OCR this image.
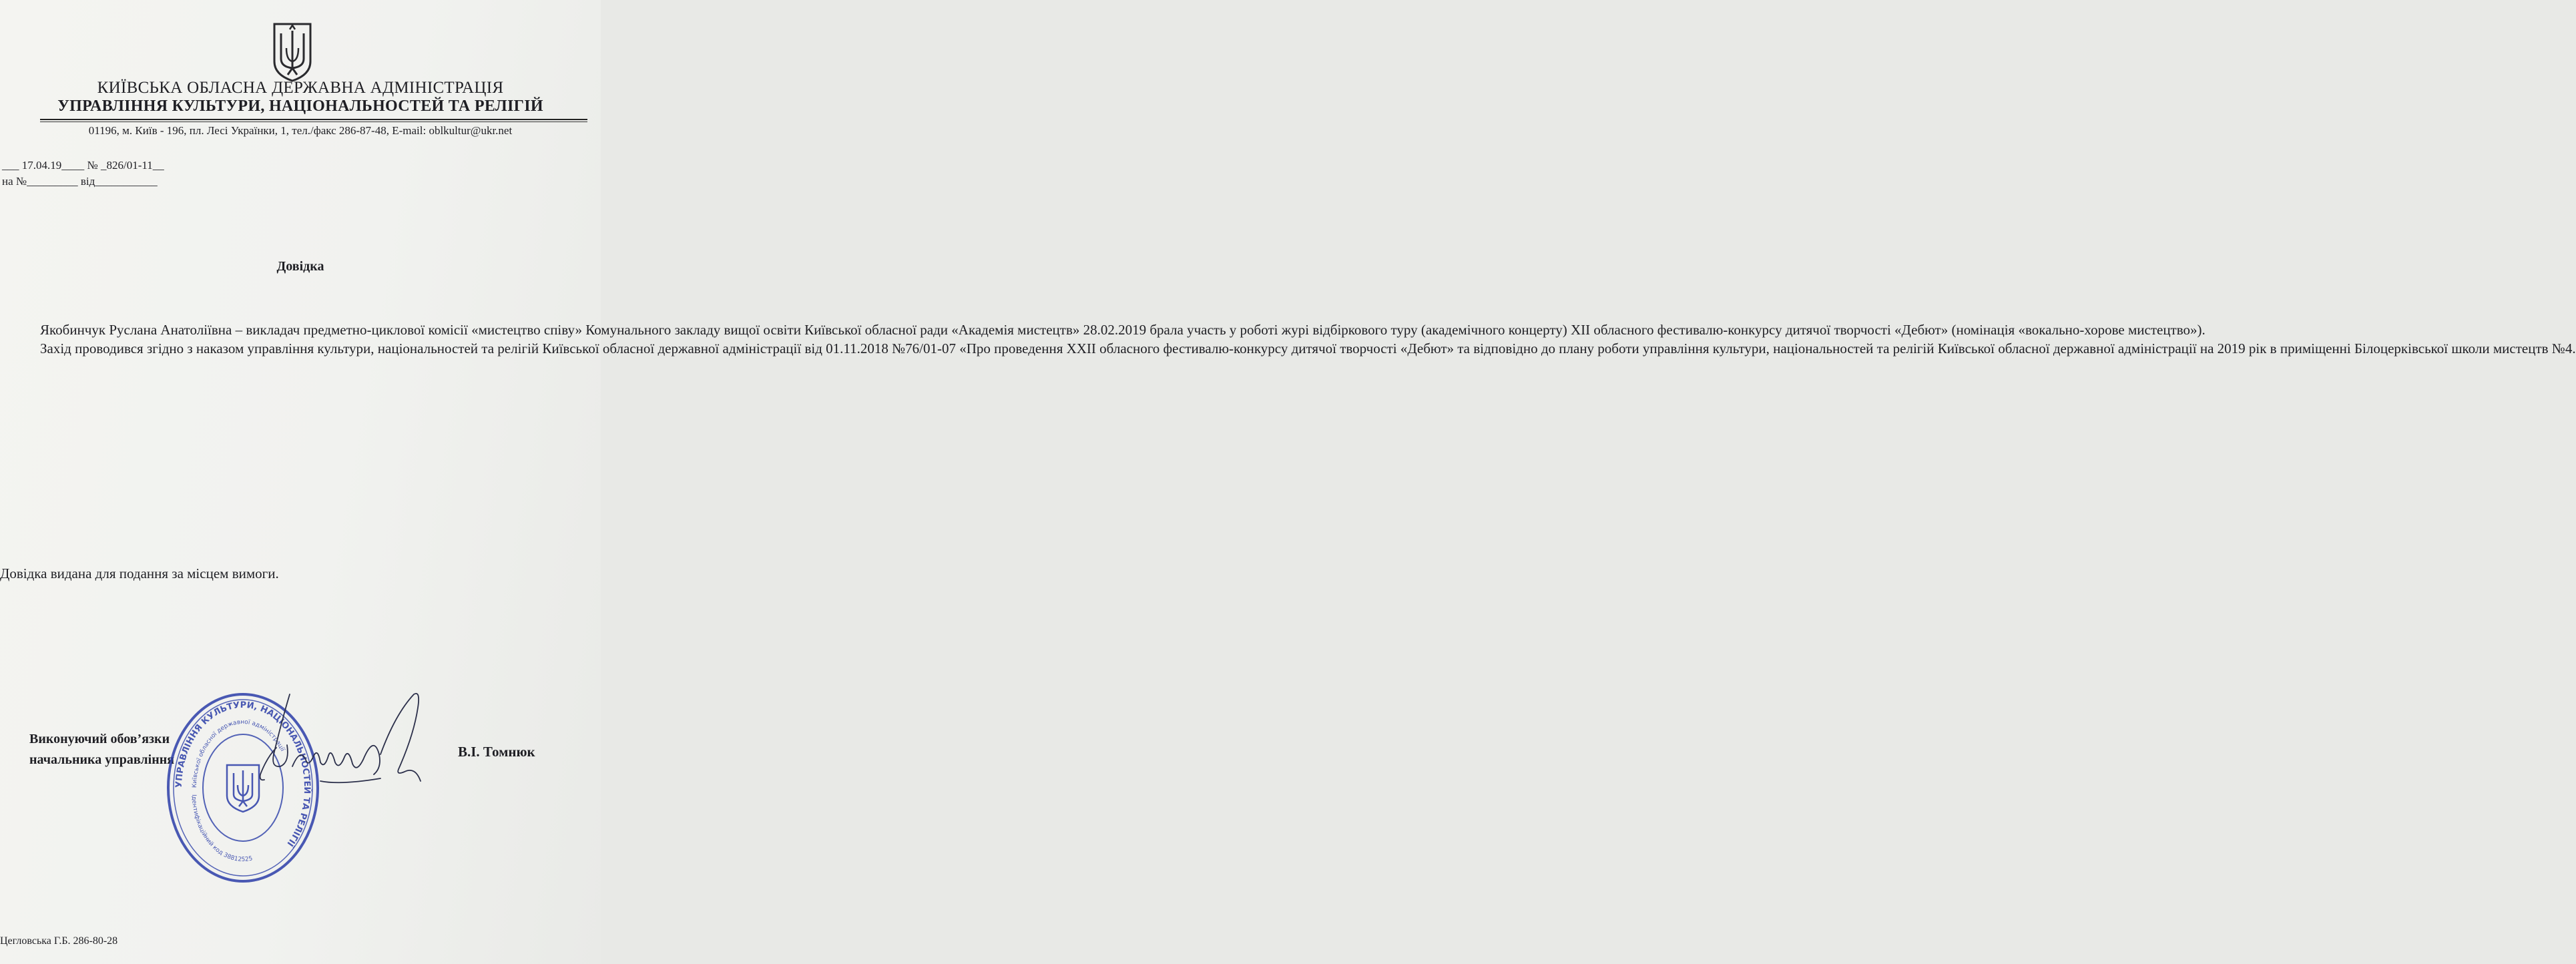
КИЇВСЬКА ОБЛАСНА ДЕРЖАВНА АДМІНІСТРАЦІЯ
УПРАВЛІННЯ КУЛЬТУРИ, НАЦІОНАЛЬНОСТЕЙ ТА РЕЛІГІЙ
01196, м. Київ - 196, пл. Лесі Українки, 1, тел./факс 286-87-48, E-mail: oblkultur@ukr.net
___ 17.04.19____ № _826/01-11__
на №_________ від___________
Довідка

Якобинчук Руслана Анатоліївна – викладач предметно-циклової комісії «мистецтво співу» Комунального закладу вищої освіти Київської обласної ради «Академія мистецтв» 28.02.2019 брала участь у роботі журі відбіркового туру (академічного концерту) ХІІ обласного фестивалю-конкурсу дитячої творчості «Дебют» (номінація «вокально-хорове мистецтво»).

Захід проводився згідно з наказом управління культури, національностей та релігій Київської обласної державної адміністрації від 01.11.2018 №76/01-07 «Про проведення ХХІІ обласного фестивалю-конкурсу дитячої творчості «Дебют» та відповідно до плану роботи управління культури, національностей та релігій Київської обласної державної адміністрації на 2019 рік в приміщенні Білоцерківської школи мистецтв №4.

Довідка видана для подання за місцем вимоги.
Виконуючий обов’язки
начальника управління	В.І. Томнюк
УПРАВЛІННЯ КУЛЬТУРИ, НАЦІОНАЛЬНОСТЕЙ ТА РЕЛІГІЇ
Київської обласної державної адміністрації
Ідентифікаційний код 38812525
Цегловська Г.Б. 286-80-28
